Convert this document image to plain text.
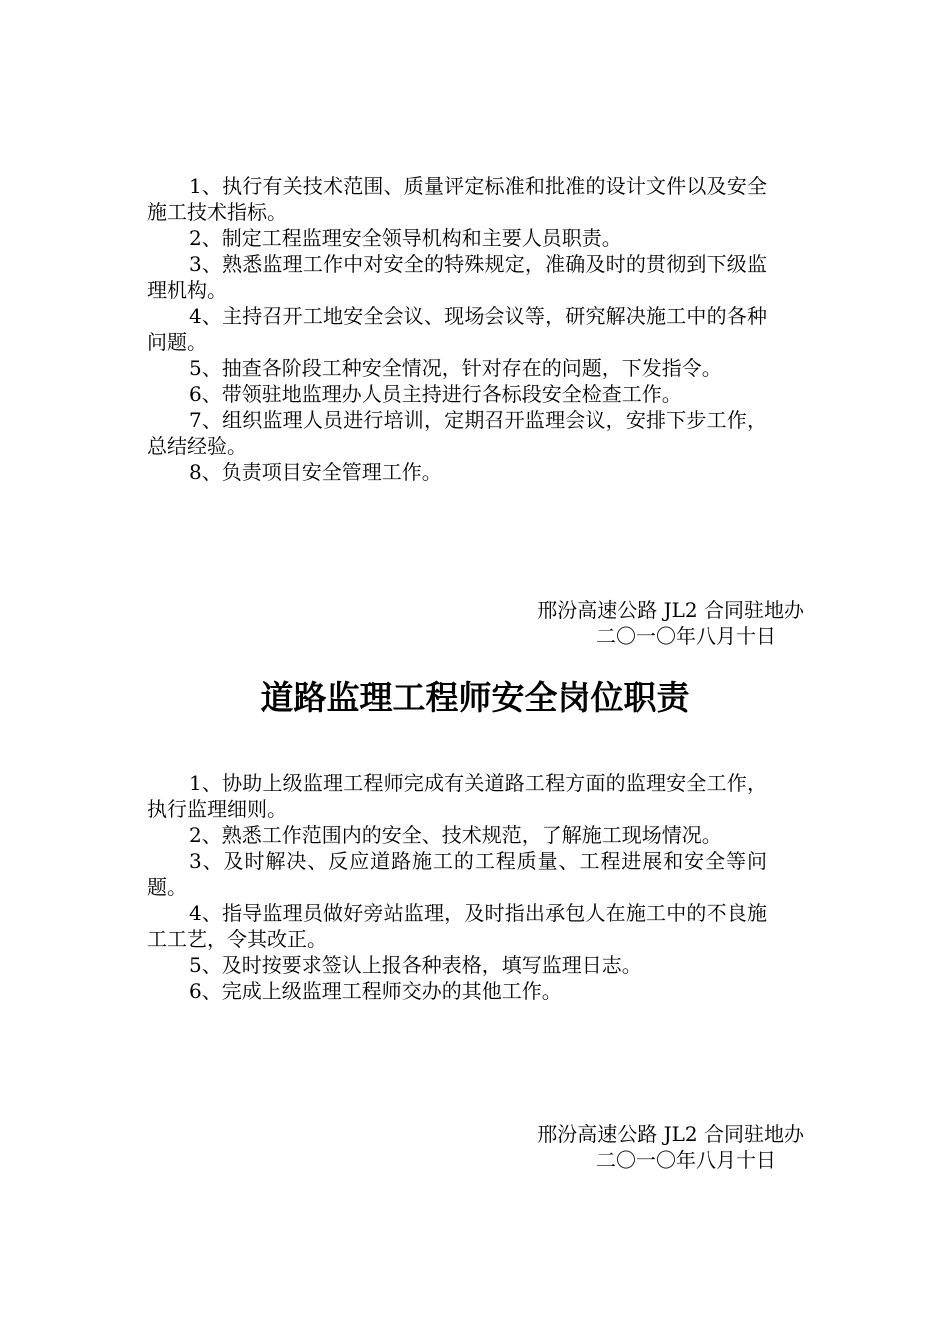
1、执行有关技术范围、质量评定标准和批准的设计文件以及安全施工技术指标。

2、制定工程监理安全领导机构和主要人员职责。

3、熟悉监理工作中对安全的特殊规定，准确及时的贯彻到下级监理机构。

4、主持召开工地安全会议、现场会议等，研究解决施工中的各种问题。

5、抽查各阶段工种安全情况，针对存在的问题，下发指令。

6、带领驻地监理办人员主持进行各标段安全检查工作。

7、组织监理人员进行培训，定期召开监理会议，安排下步工作，总结经验。

8、负责项目安全管理工作。

邢汾高速公路 JL2 合同驻地办
二〇一〇年八月十日
道路监理工程师安全岗位职责

1、协助上级监理工程师完成有关道路工程方面的监理安全工作，执行监理细则。

2、熟悉工作范围内的安全、技术规范，了解施工现场情况。

3、及时解决、反应道路施工的工程质量、工程进展和安全等问题。

4、指导监理员做好旁站监理，及时指出承包人在施工中的不良施工工艺，令其改正。

5、及时按要求签认上报各种表格，填写监理日志。

6、完成上级监理工程师交办的其他工作。

邢汾高速公路 JL2 合同驻地办
二〇一〇年八月十日
